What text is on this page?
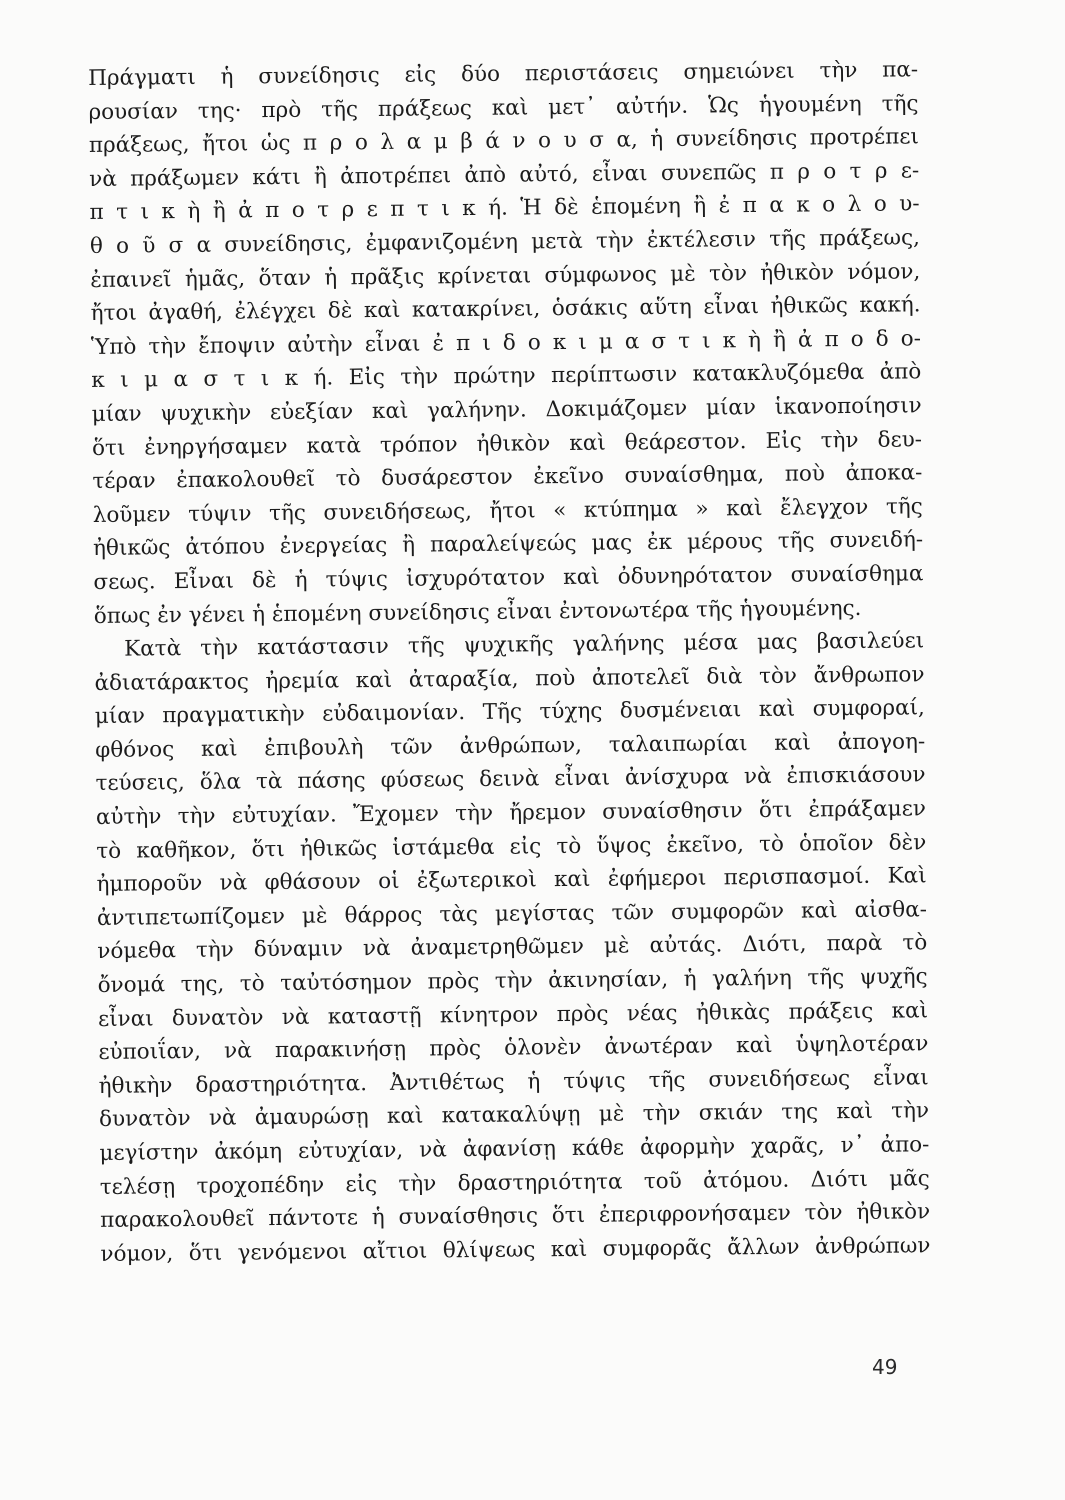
Πράγματι ἡ συνείδησις εἰς δύο περιστάσεις σημειώνει τὴν πα-
ρουσίαν της· πρὸ τῆς πράξεως καὶ μετ᾽ αὐτήν. Ὡς ἡγουμένη τῆς
πράξεως, ἤτοι ὡς π ρ ο λ α μ β ά ν ο υ σ α, ἡ συνείδησις προτρέπει
νὰ πράξωμεν κάτι ἢ ἀποτρέπει ἀπὸ αὐτό, εἶναι συνεπῶς π ρ ο τ ρ ε-
π τ ι κ ὴ ἢ ἀ π ο τ ρ ε π τ ι κ ή. Ἡ δὲ ἑπομένη ἢ ἐ π α κ ο λ ο υ-
θ ο ῦ σ α συνείδησις, ἐμφανιζομένη μετὰ τὴν ἐκτέλεσιν τῆς πράξεως,
ἐπαινεῖ ἡμᾶς, ὅταν ἡ πρᾶξις κρίνεται σύμφωνος μὲ τὸν ἠθικὸν νόμον,
ἤτοι ἀγαθή, ἐλέγχει δὲ καὶ κατακρίνει, ὁσάκις αὕτη εἶναι ἠθικῶς κακή.
Ὑπὸ τὴν ἔποψιν αὐτὴν εἶναι ἐ π ι δ ο κ ι μ α σ τ ι κ ὴ ἢ ἀ π ο δ ο-
κ ι μ α σ τ ι κ ή. Εἰς τὴν πρώτην περίπτωσιν κατακλυζόμεθα ἀπὸ
μίαν ψυχικὴν εὐεξίαν καὶ γαλήνην. Δοκιμάζομεν μίαν ἱκανοποίησιν
ὅτι ἐνηργήσαμεν κατὰ τρόπον ἠθικὸν καὶ θεάρεστον. Εἰς τὴν δευ-
τέραν ἐπακολουθεῖ τὸ δυσάρεστον ἐκεῖνο συναίσθημα, ποὺ ἀποκα-
λοῦμεν τύψιν τῆς συνειδήσεως, ἤτοι « κτύπημα » καὶ ἔλεγχον τῆς
ἠθικῶς ἀτόπου ἐνεργείας ἢ παραλείψεώς μας ἐκ μέρους τῆς συνειδή-
σεως. Εἶναι δὲ ἡ τύψις ἰσχυρότατον καὶ ὀδυνηρότατον συναίσθημα
ὅπως ἐν γένει ἡ ἑπομένη συνείδησις εἶναι ἐντονωτέρα τῆς ἡγουμένης.
Κατὰ τὴν κατάστασιν τῆς ψυχικῆς γαλήνης μέσα μας βασιλεύει
ἀδιατάρακτος ἠρεμία καὶ ἀταραξία, ποὺ ἀποτελεῖ διὰ τὸν ἄνθρωπον
μίαν πραγματικὴν εὐδαιμονίαν. Τῆς τύχης δυσμένειαι καὶ συμφοραί,
φθόνος καὶ ἐπιβουλὴ τῶν ἀνθρώπων, ταλαιπωρίαι καὶ ἀπογοη-
τεύσεις, ὅλα τὰ πάσης φύσεως δεινὰ εἶναι ἀνίσχυρα νὰ ἐπισκιάσουν
αὐτὴν τὴν εὐτυχίαν. Ἔχομεν τὴν ἤρεμον συναίσθησιν ὅτι ἐπράξαμεν
τὸ καθῆκον, ὅτι ἠθικῶς ἱστάμεθα εἰς τὸ ὕψος ἐκεῖνο, τὸ ὁποῖον δὲν
ἠμποροῦν νὰ φθάσουν οἱ ἐξωτερικοὶ καὶ ἐφήμεροι περισπασμοί. Καὶ
ἀντιπετωπίζομεν μὲ θάρρος τὰς μεγίστας τῶν συμφορῶν καὶ αἰσθα-
νόμεθα τὴν δύναμιν νὰ ἀναμετρηθῶμεν μὲ αὐτάς. Διότι, παρὰ τὸ
ὄνομά της, τὸ ταὐτόσημον πρὸς τὴν ἀκινησίαν, ἡ γαλήνη τῆς ψυχῆς
εἶναι δυνατὸν νὰ καταστῇ κίνητρον πρὸς νέας ἠθικὰς πράξεις καὶ
εὐποιΐαν, νὰ παρακινήσῃ πρὸς ὁλονὲν ἀνωτέραν καὶ ὑψηλοτέραν
ἠθικὴν δραστηριότητα. Ἀντιθέτως ἡ τύψις τῆς συνειδήσεως εἶναι
δυνατὸν νὰ ἀμαυρώσῃ καὶ κατακαλύψῃ μὲ τὴν σκιάν της καὶ τὴν
μεγίστην ἀκόμη εὐτυχίαν, νὰ ἀφανίσῃ κάθε ἀφορμὴν χαρᾶς, ν᾽ ἀπο-
τελέσῃ τροχοπέδην εἰς τὴν δραστηριότητα τοῦ ἀτόμου. Διότι μᾶς
παρακολουθεῖ πάντοτε ἡ συναίσθησις ὅτι ἐπεριφρονήσαμεν τὸν ἠθικὸν
νόμον, ὅτι γενόμενοι αἴτιοι θλίψεως καὶ συμφορᾶς ἄλλων ἀνθρώπων
49
